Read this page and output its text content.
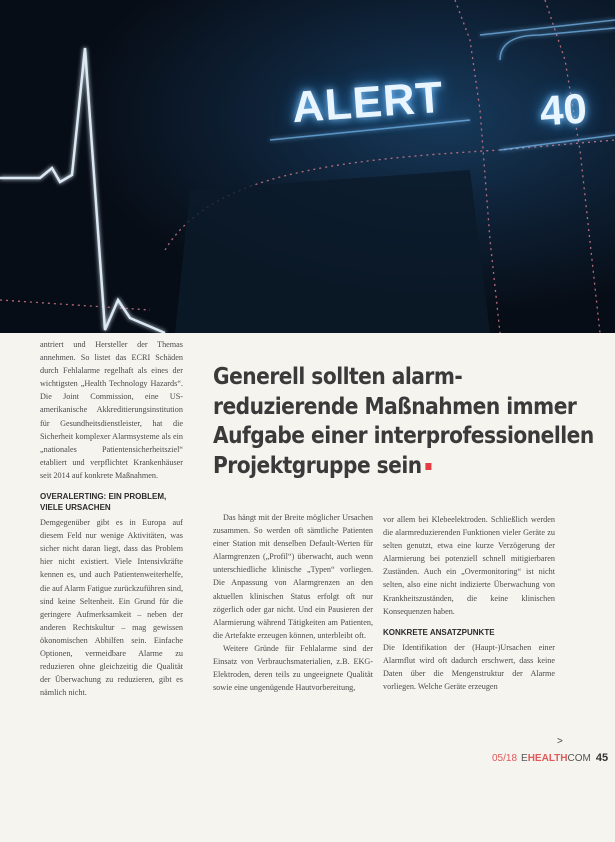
ALERT 40

antriert und Hersteller der Themas annehmen. So listet das ECRI Schäden durch Fehlalarme regelhaft als eines der wichtigsten „Health Technology Hazards“. Die Joint Commission, eine US-amerikanische Akkreditierungsinstitution für Gesundheitsdienstleister, hat die Sicherheit komplexer Alarmsysteme als ein „nationales Patientensicherheitsziel“ etabliert und verpflichtet Krankenhäuser seit 2014 auf konkrete Maßnahmen.

OVERALERTING: EIN PROBLEM,
VIELE URSACHEN

Demgegenüber gibt es in Europa auf diesem Feld nur wenige Aktivitäten, was sicher nicht daran liegt, dass das Problem hier nicht existiert. Viele Intensivkräfte kennen es, und auch Patientenweiterhelfe, die auf Alarm Fatigue zurückzuführen sind, sind keine Seltenheit. Ein Grund für die geringere Aufmerksamkeit – neben der anderen Rechtskultur – mag gewissen ökonomischen Abhilfen sein. Einfache Optionen, vermeidbare Alarme zu reduzieren ohne gleichzeitig die Qualität der Überwachung zu reduzieren, gibt es nämlich nicht.

Generell sollten alarm-
reduzierende Maßnahmen immer
Aufgabe einer interprofessionellen
Projektgruppe sein

Das hängt mit der Breite möglicher Ursachen zusammen. So werden oft sämtliche Patienten einer Station mit denselben Default-Werten für Alarmgrenzen („Profil“) überwacht, auch wenn unterschiedliche klinische „Typen“ vorliegen. Die Anpassung von Alarmgrenzen an den aktuellen klinischen Status erfolgt oft nur zögerlich oder gar nicht. Und ein Pausieren der Alarmierung während Tätigkeiten am Patienten, die Artefakte erzeugen können, unterbleibt oft.

Weitere Gründe für Fehlalarme sind der Einsatz von Verbrauchsmaterialien, z.B. EKG-Elektroden, deren teils zu ungeeignete Qualität sowie eine ungenügende Hautvorbereitung,

vor allem bei Klebeelektroden. Schließlich werden die alarmreduzierenden Funktionen vieler Geräte zu selten genutzt, etwa eine kurze Verzögerung der Alarmierung bei potenziell schnell mitigierbaren Zuständen. Auch ein „Overmonitoring“ ist nicht selten, also eine nicht indizierte Überwachung von Krankheitszuständen, die keine klinischen Konsequenzen haben.

KONKRETE ANSATZPUNKTE

Die Identifikation der (Haupt-)Ursachen einer Alarmflut wird oft dadurch erschwert, dass keine Daten über die Mengenstruktur der Alarme vorliegen. Welche Geräte erzeugen

>
05/18 EHEALTHCOM 45
